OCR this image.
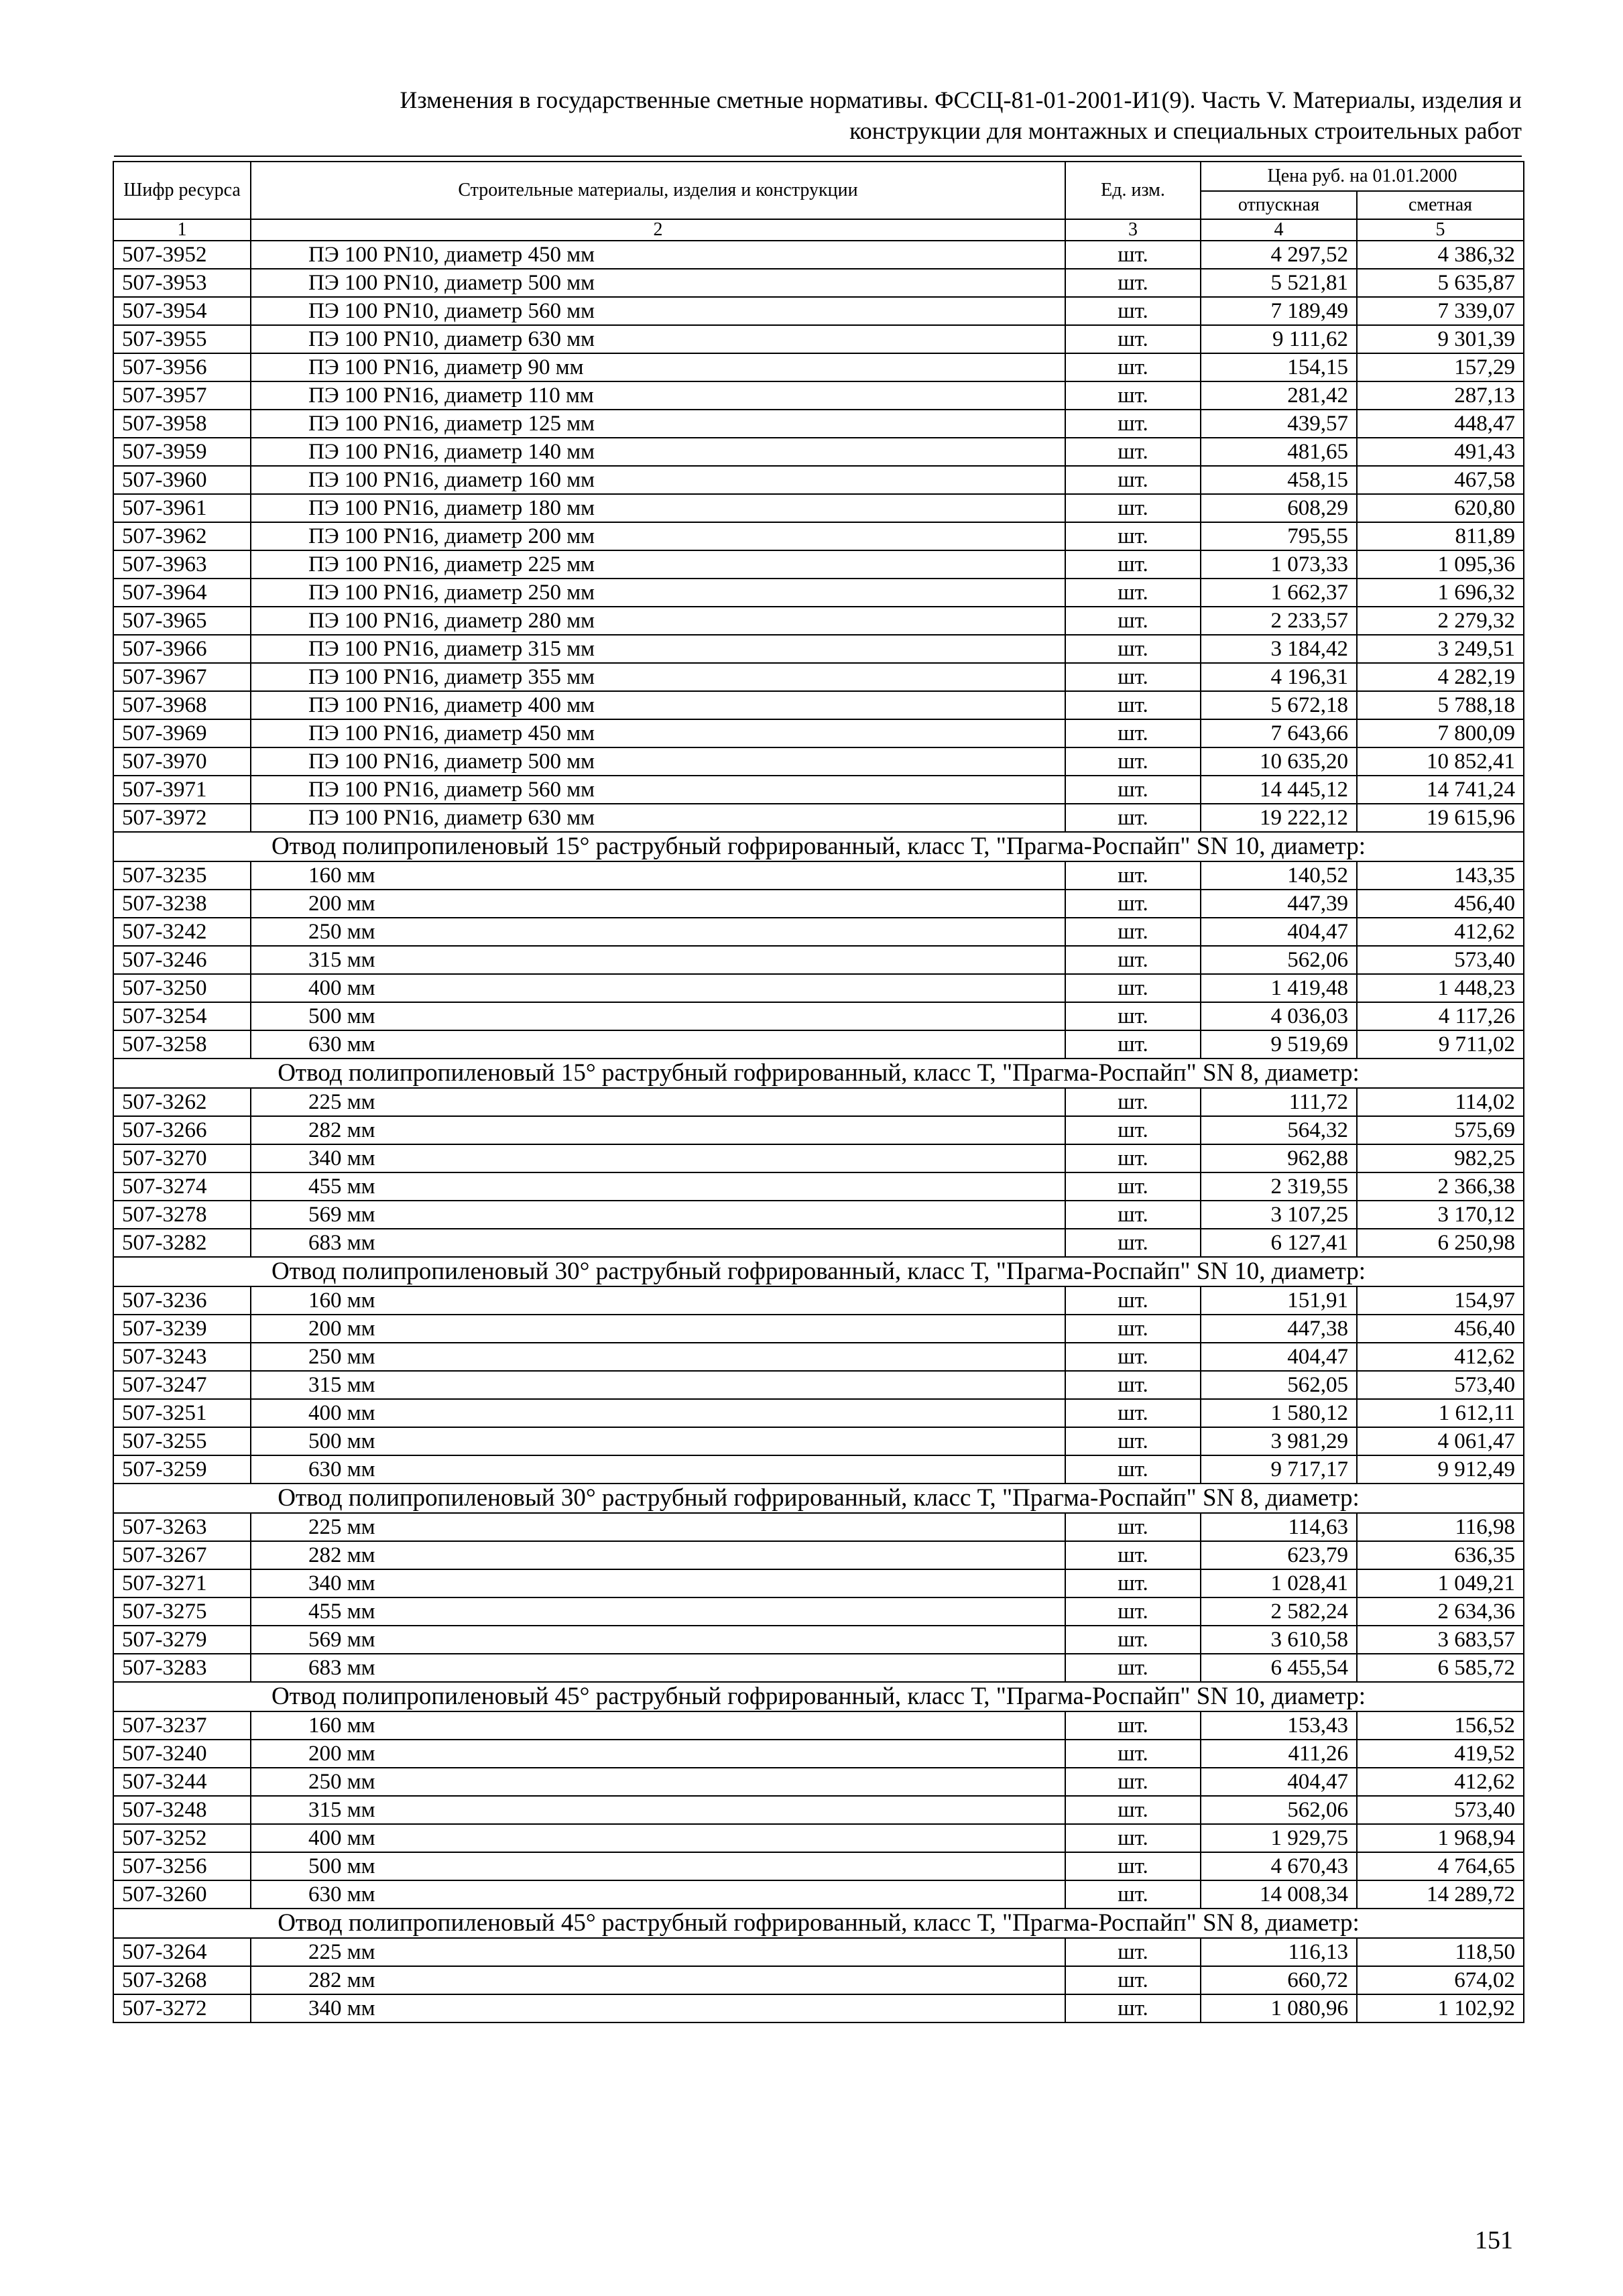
Изменения в государственные сметные нормативы. ФССЦ-81-01-2001-И1(9). Часть V. Материалы, изделия и
конструкции для монтажных и специальных строительных работ
Шифр ресурса	Строительные материалы, изделия и конструкции	Ед. изм.	Цена руб. на 01.01.2000	
			отпускная	сметная
1	2	3	4	5
507-3952	ПЭ 100 PN10, диаметр 450 мм	шт.	4 297,52	4 386,32
507-3953	ПЭ 100 PN10, диаметр 500 мм	шт.	5 521,81	5 635,87
507-3954	ПЭ 100 PN10, диаметр 560 мм	шт.	7 189,49	7 339,07
507-3955	ПЭ 100 PN10, диаметр 630 мм	шт.	9 111,62	9 301,39
507-3956	ПЭ 100 PN16, диаметр 90 мм	шт.	154,15	157,29
507-3957	ПЭ 100 PN16, диаметр 110 мм	шт.	281,42	287,13
507-3958	ПЭ 100 PN16, диаметр 125 мм	шт.	439,57	448,47
507-3959	ПЭ 100 PN16, диаметр 140 мм	шт.	481,65	491,43
507-3960	ПЭ 100 PN16, диаметр 160 мм	шт.	458,15	467,58
507-3961	ПЭ 100 PN16, диаметр 180 мм	шт.	608,29	620,80
507-3962	ПЭ 100 PN16, диаметр 200 мм	шт.	795,55	811,89
507-3963	ПЭ 100 PN16, диаметр 225 мм	шт.	1 073,33	1 095,36
507-3964	ПЭ 100 PN16, диаметр 250 мм	шт.	1 662,37	1 696,32
507-3965	ПЭ 100 PN16, диаметр 280 мм	шт.	2 233,57	2 279,32
507-3966	ПЭ 100 PN16, диаметр 315 мм	шт.	3 184,42	3 249,51
507-3967	ПЭ 100 PN16, диаметр 355 мм	шт.	4 196,31	4 282,19
507-3968	ПЭ 100 PN16, диаметр 400 мм	шт.	5 672,18	5 788,18
507-3969	ПЭ 100 PN16, диаметр 450 мм	шт.	7 643,66	7 800,09
507-3970	ПЭ 100 PN16, диаметр 500 мм	шт.	10 635,20	10 852,41
507-3971	ПЭ 100 PN16, диаметр 560 мм	шт.	14 445,12	14 741,24
507-3972	ПЭ 100 PN16, диаметр 630 мм	шт.	19 222,12	19 615,96
Отвод полипропиленовый 15° раструбный гофрированный, класс Т, "Прагма-Роспайп" SN 10, диаметр:				
507-3235	160 мм	шт.	140,52	143,35
507-3238	200 мм	шт.	447,39	456,40
507-3242	250 мм	шт.	404,47	412,62
507-3246	315 мм	шт.	562,06	573,40
507-3250	400 мм	шт.	1 419,48	1 448,23
507-3254	500 мм	шт.	4 036,03	4 117,26
507-3258	630 мм	шт.	9 519,69	9 711,02
Отвод полипропиленовый 15° раструбный гофрированный, класс Т, "Прагма-Роспайп" SN 8, диаметр:				
507-3262	225 мм	шт.	111,72	114,02
507-3266	282 мм	шт.	564,32	575,69
507-3270	340 мм	шт.	962,88	982,25
507-3274	455 мм	шт.	2 319,55	2 366,38
507-3278	569 мм	шт.	3 107,25	3 170,12
507-3282	683 мм	шт.	6 127,41	6 250,98
Отвод полипропиленовый 30° раструбный гофрированный, класс Т, "Прагма-Роспайп" SN 10, диаметр:				
507-3236	160 мм	шт.	151,91	154,97
507-3239	200 мм	шт.	447,38	456,40
507-3243	250 мм	шт.	404,47	412,62
507-3247	315 мм	шт.	562,05	573,40
507-3251	400 мм	шт.	1 580,12	1 612,11
507-3255	500 мм	шт.	3 981,29	4 061,47
507-3259	630 мм	шт.	9 717,17	9 912,49
Отвод полипропиленовый 30° раструбный гофрированный, класс Т, "Прагма-Роспайп" SN 8, диаметр:				
507-3263	225 мм	шт.	114,63	116,98
507-3267	282 мм	шт.	623,79	636,35
507-3271	340 мм	шт.	1 028,41	1 049,21
507-3275	455 мм	шт.	2 582,24	2 634,36
507-3279	569 мм	шт.	3 610,58	3 683,57
507-3283	683 мм	шт.	6 455,54	6 585,72
Отвод полипропиленовый 45° раструбный гофрированный, класс Т, "Прагма-Роспайп" SN 10, диаметр:				
507-3237	160 мм	шт.	153,43	156,52
507-3240	200 мм	шт.	411,26	419,52
507-3244	250 мм	шт.	404,47	412,62
507-3248	315 мм	шт.	562,06	573,40
507-3252	400 мм	шт.	1 929,75	1 968,94
507-3256	500 мм	шт.	4 670,43	4 764,65
507-3260	630 мм	шт.	14 008,34	14 289,72
Отвод полипропиленовый 45° раструбный гофрированный, класс Т, "Прагма-Роспайп" SN 8, диаметр:				
507-3264	225 мм	шт.	116,13	118,50
507-3268	282 мм	шт.	660,72	674,02
507-3272	340 мм	шт.	1 080,96	1 102,92
151
